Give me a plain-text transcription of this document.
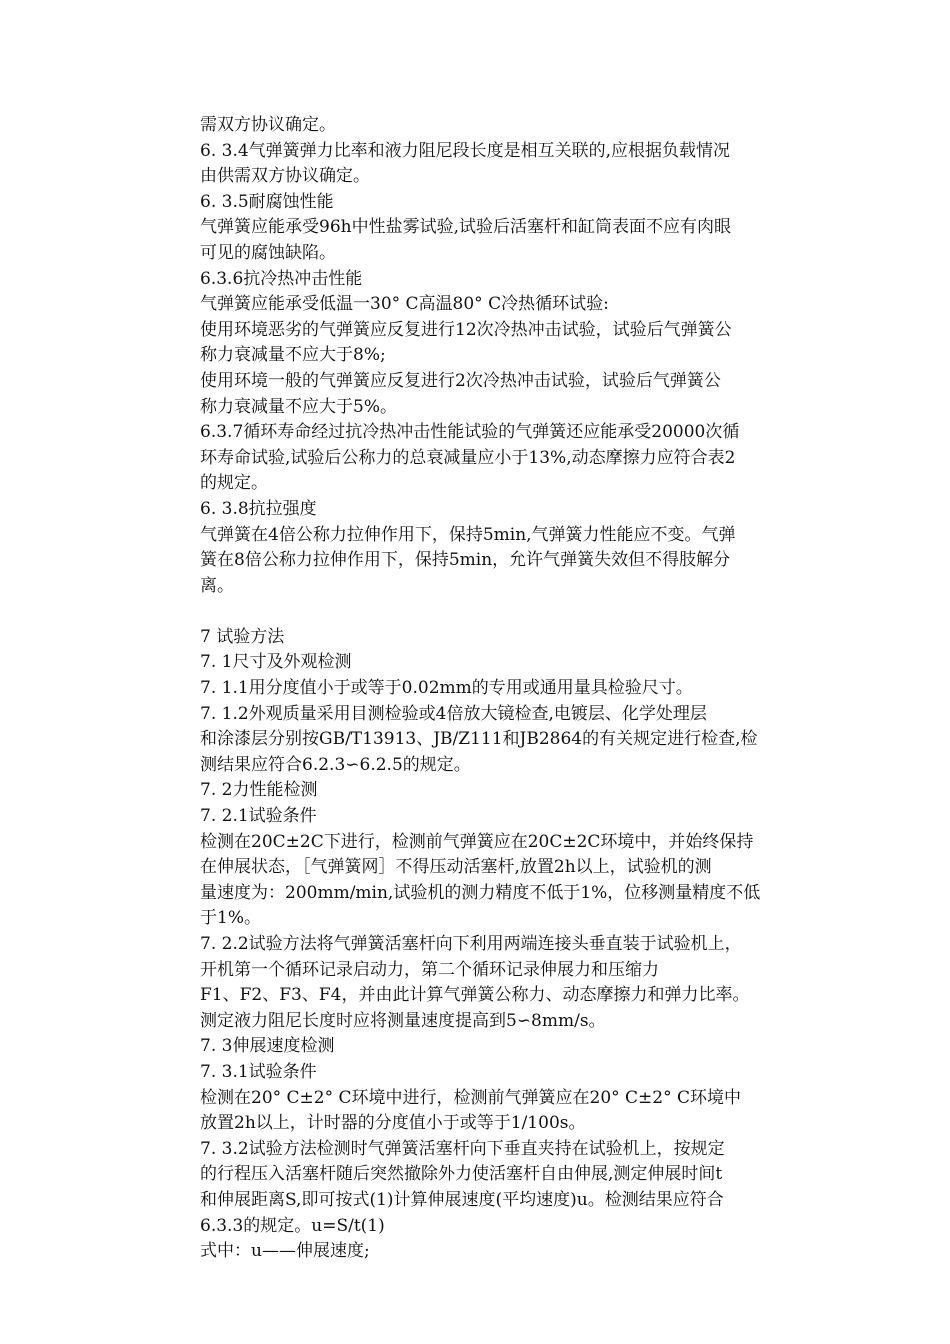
需双方协议确定。
6. 3.4气弹簧弹力比率和液力阻尼段长度是相互关联的,应根据负载情况
由供需双方协议确定。
6. 3.5耐腐蚀性能
气弹簧应能承受96h中性盐雾试验,试验后活塞杆和缸筒表面不应有肉眼
可见的腐蚀缺陷。
6.3.6抗冷热冲击性能
气弹簧应能承受低温一30° C高温80° C冷热循环试验:
使用环境恶劣的气弹簧应反复进行12次冷热冲击试验，试验后气弹簧公
称力衰减量不应大于8%;
使用环境一般的气弹簧应反复进行2次冷热冲击试验，试验后气弹簧公
称力衰减量不应大于5%。
6.3.7循环寿命经过抗冷热冲击性能试验的气弹簧还应能承受20000次循
环寿命试验,试验后公称力的总衰减量应小于13%,动态摩擦力应符合表2
的规定。
6. 3.8抗拉强度
气弹簧在4倍公称力拉伸作用下，保持5min,气弹簧力性能应不变。气弹
簧在8倍公称力拉伸作用下，保持5min，允许气弹簧失效但不得肢解分
离。
7 试验方法
7. 1尺寸及外观检测
7. 1.1用分度值小于或等于0.02mm的专用或通用量具检验尺寸。
7. 1.2外观质量采用目测检验或4倍放大镜检查,电镀层、化学处理层
和涂漆层分别按GB/T13913、JB/Z111和JB2864的有关规定进行检查,检
测结果应符合6.2.3∽6.2.5的规定。
7. 2力性能检测
7. 2.1试验条件
检测在20C±2C下进行，检测前气弹簧应在20C±2C环境中，并始终保持
在伸展状态，［气弹簧网］不得压动活塞杆,放置2h以上，试验机的测
量速度为：200mm/min,试验机的测力精度不低于1%，位移测量精度不低
于1%。
7. 2.2试验方法将气弹簧活塞杆向下利用两端连接头垂直装于试验机上，
开机第一个循环记录启动力，第二个循环记录伸展力和压缩力
F1、F2、F3、F4，并由此计算气弹簧公称力、动态摩擦力和弹力比率。
测定液力阻尼长度时应将测量速度提高到5∽8mm/s。
7. 3伸展速度检测
7. 3.1试验条件
检测在20° C±2° C环境中进行，检测前气弹簧应在20° C±2° C环境中
放置2h以上，计时器的分度值小于或等于1/100s。
7. 3.2试验方法检测时气弹簧活塞杆向下垂直夹持在试验机上，按规定
的行程压入活塞杆随后突然撤除外力使活塞杆自由伸展,测定伸展时间t
和伸展距离S,即可按式(1)计算伸展速度(平均速度)u。检测结果应符合
6.3.3的规定。u=S/t(1)
式中：u——伸展速度;
